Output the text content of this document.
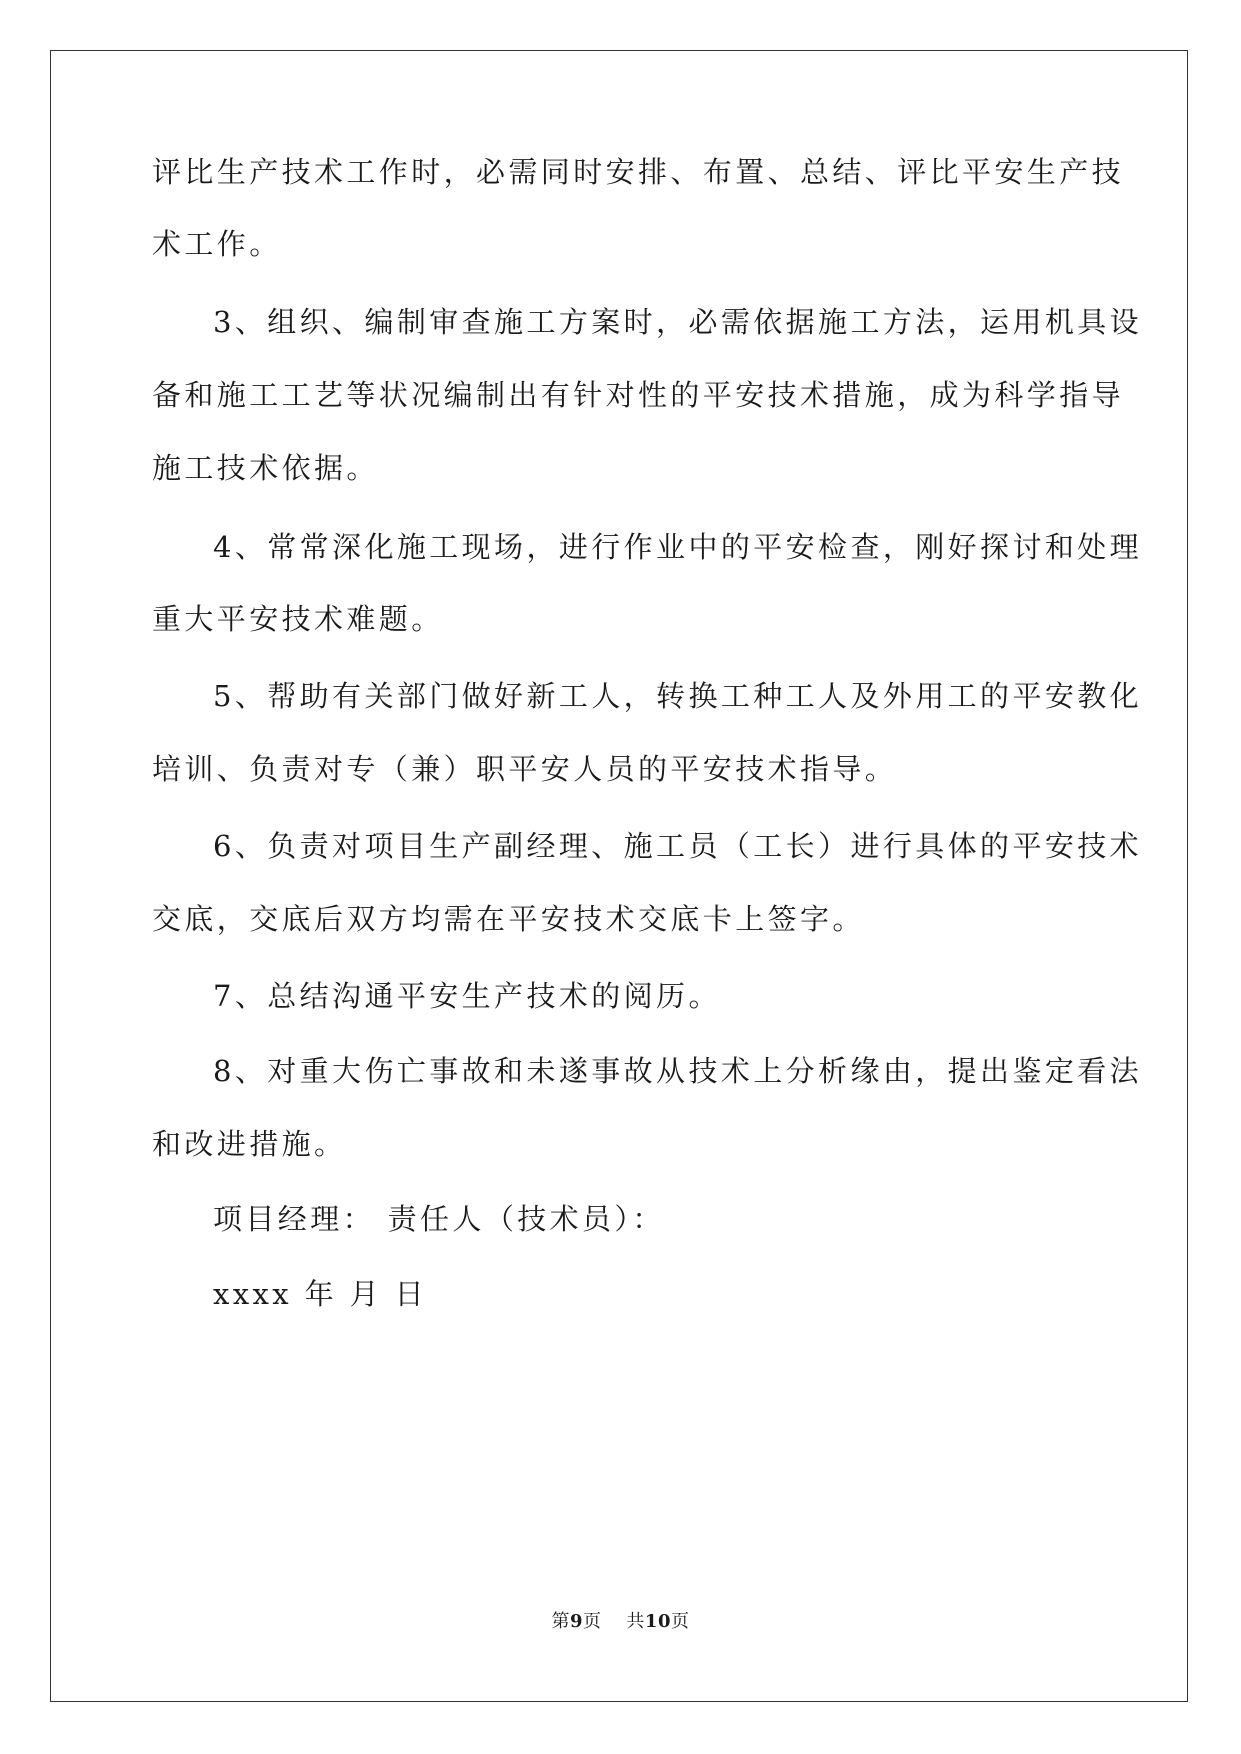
评比生产技术工作时，必需同时安排、布置、总结、评比平安生产技
术工作。
3、组织、编制审查施工方案时，必需依据施工方法，运用机具设
备和施工工艺等状况编制出有针对性的平安技术措施，成为科学指导
施工技术依据。
4、常常深化施工现场，进行作业中的平安检查，刚好探讨和处理
重大平安技术难题。
5、帮助有关部门做好新工人，转换工种工人及外用工的平安教化
培训、负责对专（兼）职平安人员的平安技术指导。
6、负责对项目生产副经理、施工员（工长）进行具体的平安技术
交底，交底后双方均需在平安技术交底卡上签字。
7、总结沟通平安生产技术的阅历。
8、对重大伤亡事故和未遂事故从技术上分析缘由，提出鉴定看法
和改进措施。
项目经理： 责任人（技术员）：
xxxx 年 月 日
第9页 共10页
